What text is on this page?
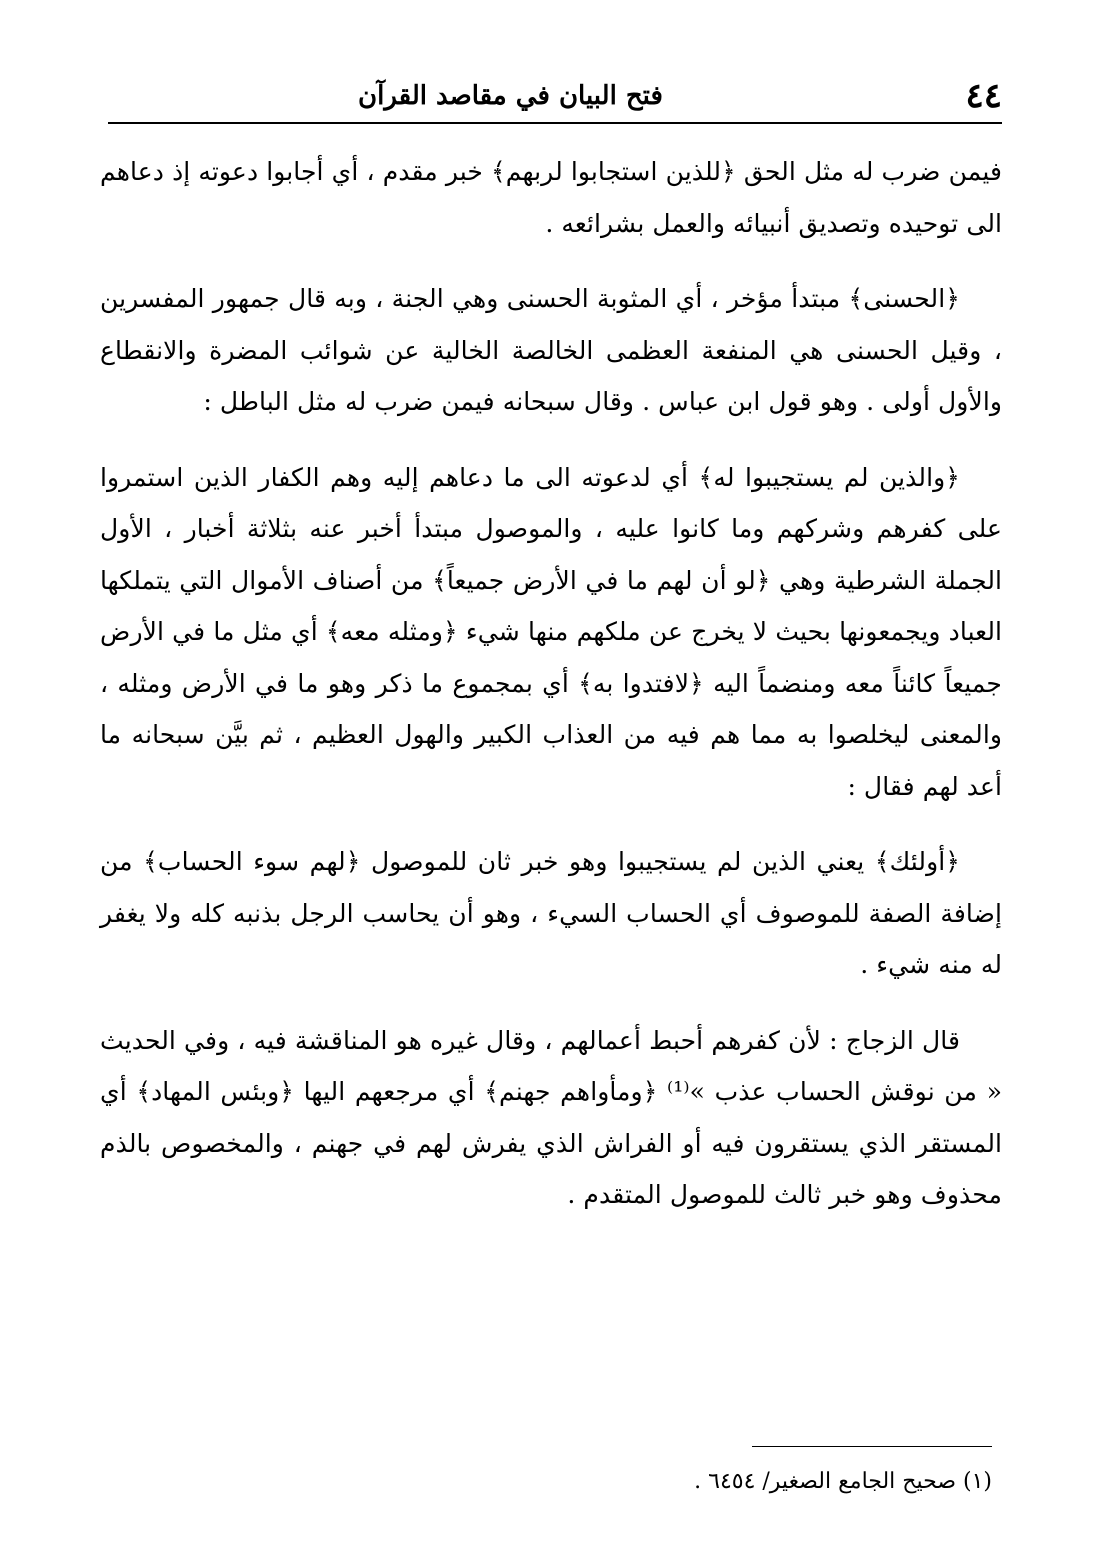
٤٤
فتح البيان في مقاصد القرآن

فيمن ضرب له مثل الحق ﴿للذين استجابوا لربهم﴾ خبر مقدم ، أي أجابوا دعوته إذ دعاهم الى توحيده وتصديق أنبيائه والعمل بشرائعه .

﴿الحسنى﴾ مبتدأ مؤخر ، أي المثوبة الحسنى وهي الجنة ، وبه قال جمهور المفسرين ، وقيل الحسنى هي المنفعة العظمى الخالصة الخالية عن شوائب المضرة والانقطاع والأول أولى . وهو قول ابن عباس . وقال سبحانه فيمن ضرب له مثل الباطل :

﴿والذين لم يستجيبوا له﴾ أي لدعوته الى ما دعاهم إليه وهم الكفار الذين استمروا على كفرهم وشركهم وما كانوا عليه ، والموصول مبتدأ أخبر عنه بثلاثة أخبار ، الأول الجملة الشرطية وهي ﴿لو أن لهم ما في الأرض جميعاً﴾ من أصناف الأموال التي يتملكها العباد ويجمعونها بحيث لا يخرج عن ملكهم منها شيء ﴿ومثله معه﴾ أي مثل ما في الأرض جميعاً كائناً معه ومنضماً اليه ﴿لافتدوا به﴾ أي بمجموع ما ذكر وهو ما في الأرض ومثله ، والمعنى ليخلصوا به مما هم فيه من العذاب الكبير والهول العظيم ، ثم بيَّن سبحانه ما أعد لهم فقال :

﴿أولئك﴾ يعني الذين لم يستجيبوا وهو خبر ثان للموصول ﴿لهم سوء الحساب﴾ من إضافة الصفة للموصوف أي الحساب السيء ، وهو أن يحاسب الرجل بذنبه كله ولا يغفر له منه شيء .

قال الزجاج : لأن كفرهم أحبط أعمالهم ، وقال غيره هو المناقشة فيه ، وفي الحديث « من نوقش الحساب عذب »⁽¹⁾ ﴿ومأواهم جهنم﴾ أي مرجعهم اليها ﴿وبئس المهاد﴾ أي المستقر الذي يستقرون فيه أو الفراش الذي يفرش لهم في جهنم ، والمخصوص بالذم محذوف وهو خبر ثالث للموصول المتقدم .

(١) صحيح الجامع الصغير/ ٦٤٥٤ .
